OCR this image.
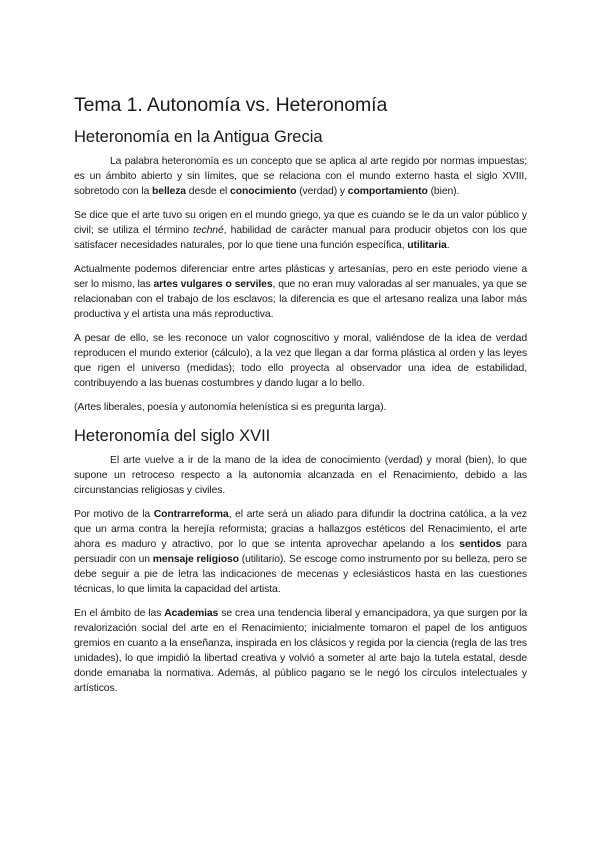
Tema 1. Autonomía vs. Heteronomía
Heteronomía en la Antigua Grecia

La palabra heteronomía es un concepto que se aplica al arte regido por normas impuestas; es un ámbito abierto y sin límites, que se relaciona con el mundo externo hasta el siglo XVIII, sobretodo con la belleza desde el conocimiento (verdad) y comportamiento (bien).

Se dice que el arte tuvo su origen en el mundo griego, ya que es cuando se le da un valor público y civil; se utiliza el término techné, habilidad de carácter manual para producir objetos con los que satisfacer necesidades naturales, por lo que tiene una función específica, utilitaria.

Actualmente podemos diferenciar entre artes plásticas y artesanías, pero en este periodo viene a ser lo mismo, las artes vulgares o serviles, que no eran muy valoradas al ser manuales, ya que se relacionaban con el trabajo de los esclavos; la diferencia es que el artesano realiza una labor más productiva y el artista una más reproductiva.

A pesar de ello, se les reconoce un valor cognoscitivo y moral, valiéndose de la idea de verdad reproducen el mundo exterior (cálculo), a la vez que llegan a dar forma plástica al orden y las leyes que rigen el universo (medidas); todo ello proyecta al observador una idea de estabilidad, contribuyendo a las buenas costumbres y dando lugar a lo bello.

(Artes liberales, poesía y autonomía helenística si es pregunta larga).

Heteronomía del siglo XVII

El arte vuelve a ir de la mano de la idea de conocimiento (verdad) y moral (bien), lo que supone un retroceso respecto a la autonomía alcanzada en el Renacimiento, debido a las circunstancias religiosas y civiles.

Por motivo de la Contrarreforma, el arte será un aliado para difundir la doctrina católica, a la vez que un arma contra la herejía reformista; gracias a hallazgos estéticos del Renacimiento, el arte ahora es maduro y atractivo, por lo que se intenta aprovechar apelando a los sentidos para persuadir con un mensaje religioso (utilitario). Se escoge como instrumento por su belleza, pero se debe seguir a pie de letra las indicaciones de mecenas y eclesiásticos hasta en las cuestiones técnicas, lo que limita la capacidad del artista.

En el ámbito de las Academias se crea una tendencia liberal y emancipadora, ya que surgen por la revalorización social del arte en el Renacimiento; inicialmente tomaron el papel de los antiguos gremios en cuanto a la enseñanza, inspirada en los clásicos y regida por la ciencia (regla de las tres unidades), lo que impidió la libertad creativa y volvió a someter al arte bajo la tutela estatal, desde donde emanaba la normativa. Además, al público pagano se le negó los círculos intelectuales y artísticos.
